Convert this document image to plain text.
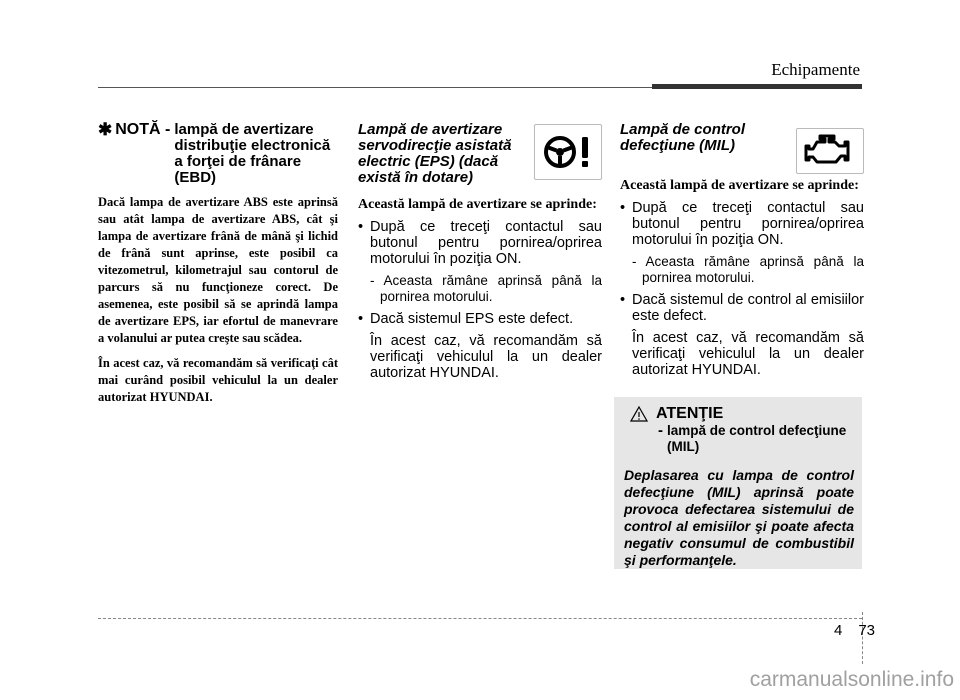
Echipamente
✱ NOTĂ - lampă de avertizare distribuţie electronică a forţei de frânare (EBD)

Dacă lampa de avertizare ABS este aprinsă sau atât lampa de avertizare ABS, cât şi lampa de avertizare frână de mână şi lichid de frână sunt aprinse, este posibil ca vitezometrul, kilometrajul sau contorul de parcurs să nu funcţioneze corect. De asemenea, este posibil să se aprindă lampa de avertizare EPS, iar efortul de manevrare a volanului ar putea creşte sau scădea.

În acest caz, vă recomandăm să verificaţi cât mai curând posibil vehiculul la un dealer autorizat HYUNDAI.

Lampă de avertizare servodirecţie asistată electric (EPS) (dacă există în dotare)

Această lampă de avertizare se aprinde:

• După ce treceţi contactul sau butonul pentru pornirea/oprirea motorului în poziţia ON.
- Aceasta rămâne aprinsă până la pornirea motorului.
• Dacă sistemul EPS este defect.
În acest caz, vă recomandăm să verificaţi vehiculul la un dealer autorizat HYUNDAI.
Lampă de control defecţiune (MIL)

Această lampă de avertizare se aprinde:

• După ce treceţi contactul sau butonul pentru pornirea/oprirea motorului în poziţia ON.
- Aceasta rămâne aprinsă până la pornirea motorului.
• Dacă sistemul de control al emisiilor este defect.
În acest caz, vă recomandăm să verificaţi vehiculul la un dealer autorizat HYUNDAI.
ATENŢIE
- lampă de control defecţiune (MIL)

Deplasarea cu lampa de control defecţiune (MIL) aprinsă poate provoca defectarea sistemului de control al emisiilor şi poate afecta negativ consumul de combustibil şi performanţele.

4 73
carmanualsonline.info
